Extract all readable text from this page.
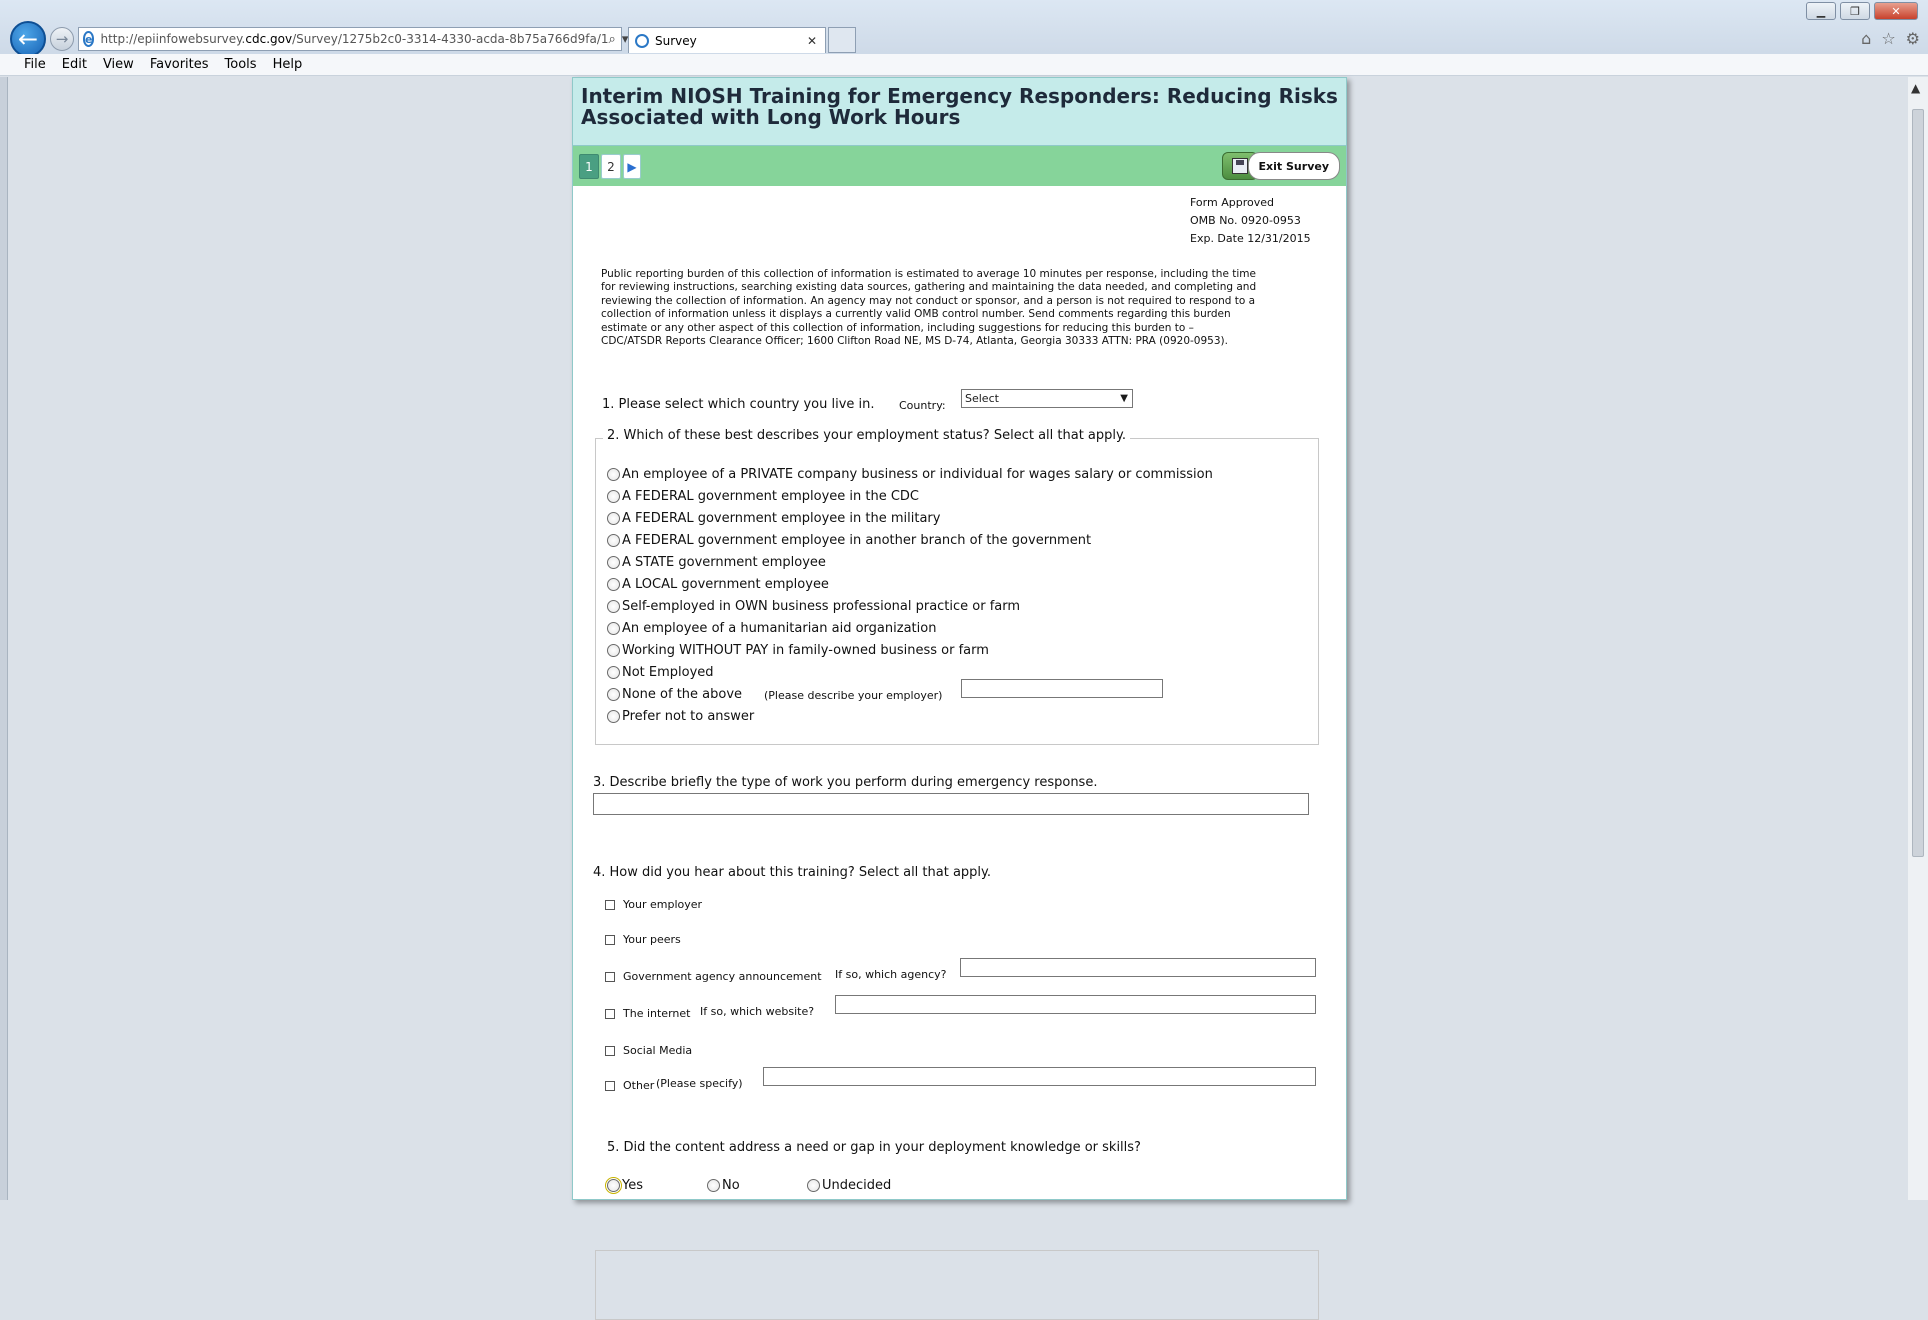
▁	❐	✕
← → e http://epiinfowebsurvey.cdc.gov/Survey/1275b2c0-3314-4330-acda-8b75a766d9fa/1 ⌕ ▾ Survey	✕	⌂ ☆ ⚙
File Edit View Favorites Tools Help
▲
Interim NIOSH Training for Emergency Responders: Reducing Risks Associated with Long Work Hours
1	2	▶	Exit Survey
Form Approved
OMB No. 0920-0953
Exp. Date 12/31/2015
Public reporting burden of this collection of information is estimated to average 10 minutes per response, including the time
for reviewing instructions, searching existing data sources, gathering and maintaining the data needed, and completing and
reviewing the collection of information. An agency may not conduct or sponsor, and a person is not required to respond to a
collection of information unless it displays a currently valid OMB control number. Send comments regarding this burden
estimate or any other aspect of this collection of information, including suggestions for reducing this burden to –
CDC/ATSDR Reports Clearance Officer; 1600 Clifton Road NE, MS D-74, Atlanta, Georgia 30333 ATTN: PRA (0920-0953).
1. Please select which country you live in. Country:
Select	▼
2. Which of these best describes your employment status? Select all that apply.
An employee of a PRIVATE company business or individual for wages salary or commission
A FEDERAL government employee in the CDC
A FEDERAL government employee in the military
A FEDERAL government employee in another branch of the government
A STATE government employee
A LOCAL government employee
Self-employed in OWN business professional practice or farm
An employee of a humanitarian aid organization
Working WITHOUT PAY in family-owned business or farm
Not Employed
None of the above (Please describe your employer)
Prefer not to answer
3. Describe briefly the type of work you perform during emergency response.
4. How did you hear about this training? Select all that apply.
Your employer
Your peers
Government agency announcement If so, which agency?
The internet If so, which website?
Social Media
Other (Please specify)
5. Did the content address a need or gap in your deployment knowledge or skills?
Yes	No	Undecided
